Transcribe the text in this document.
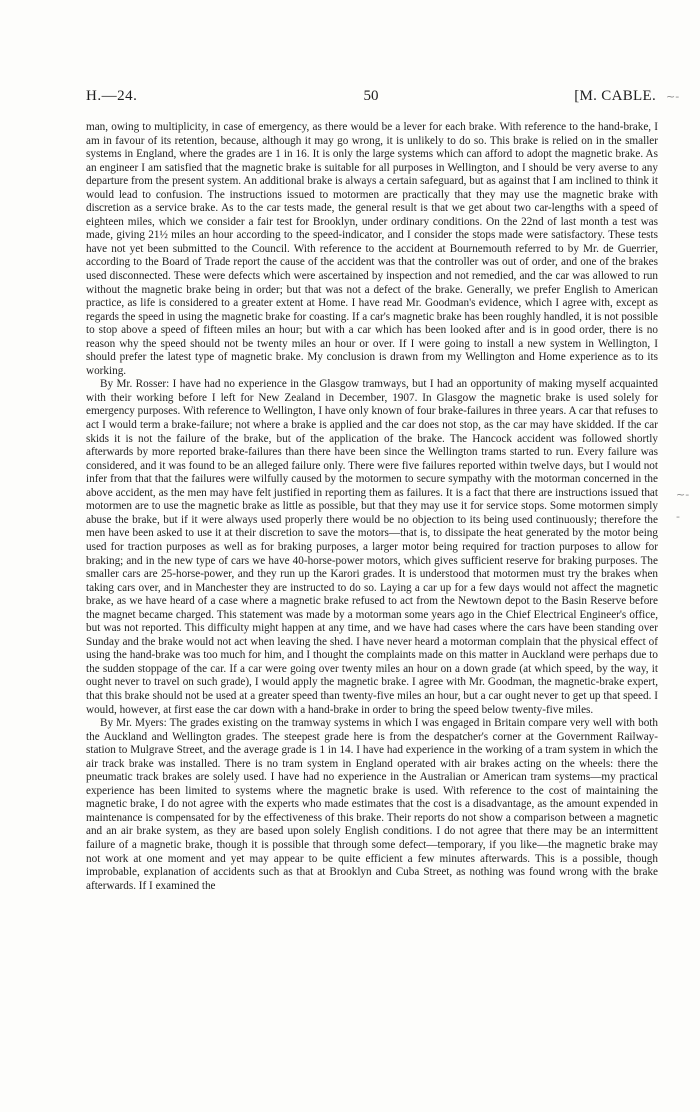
H.—24.	50	[M. CABLE.

man, owing to multiplicity, in case of emergency, as there would be a lever for each brake. With reference to the hand-brake, I am in favour of its retention, because, although it may go wrong, it is unlikely to do so. This brake is relied on in the smaller systems in England, where the grades are 1 in 16. It is only the large systems which can afford to adopt the magnetic brake. As an engineer I am satisfied that the magnetic brake is suitable for all purposes in Wellington, and I should be very averse to any departure from the present system. An additional brake is always a certain safeguard, but as against that I am inclined to think it would lead to confusion. The instructions issued to motormen are practically that they may use the magnetic brake with discretion as a service brake. As to the car tests made, the general result is that we get about two car-lengths with a speed of eighteen miles, which we consider a fair test for Brooklyn, under ordinary conditions. On the 22nd of last month a test was made, giving 21½ miles an hour according to the speed-indicator, and I consider the stops made were satisfactory. These tests have not yet been submitted to the Council. With reference to the accident at Bournemouth referred to by Mr. de Guerrier, according to the Board of Trade report the cause of the accident was that the controller was out of order, and one of the brakes used disconnected. These were defects which were ascertained by inspection and not remedied, and the car was allowed to run without the magnetic brake being in order; but that was not a defect of the brake. Generally, we prefer English to American practice, as life is considered to a greater extent at Home. I have read Mr. Goodman's evidence, which I agree with, except as regards the speed in using the magnetic brake for coasting. If a car's magnetic brake has been roughly handled, it is not possible to stop above a speed of fifteen miles an hour; but with a car which has been looked after and is in good order, there is no reason why the speed should not be twenty miles an hour or over. If I were going to install a new system in Wellington, I should prefer the latest type of magnetic brake. My conclusion is drawn from my Wellington and Home experience as to its working.

By Mr. Rosser: I have had no experience in the Glasgow tramways, but I had an opportunity of making myself acquainted with their working before I left for New Zealand in December, 1907. In Glasgow the magnetic brake is used solely for emergency purposes. With reference to Wellington, I have only known of four brake-failures in three years. A car that refuses to act I would term a brake-failure; not where a brake is applied and the car does not stop, as the car may have skidded. If the car skids it is not the failure of the brake, but of the application of the brake. The Hancock accident was followed shortly afterwards by more reported brake-failures than there have been since the Wellington trams started to run. Every failure was considered, and it was found to be an alleged failure only. There were five failures reported within twelve days, but I would not infer from that that the failures were wilfully caused by the motormen to secure sympathy with the motorman concerned in the above accident, as the men may have felt justified in reporting them as failures. It is a fact that there are instructions issued that motormen are to use the magnetic brake as little as possible, but that they may use it for service stops. Some motormen simply abuse the brake, but if it were always used properly there would be no objection to its being used continuously; therefore the men have been asked to use it at their discretion to save the motors—that is, to dissipate the heat generated by the motor being used for traction purposes as well as for braking purposes, a larger motor being required for traction purposes to allow for braking; and in the new type of cars we have 40-horse-power motors, which gives sufficient reserve for braking purposes. The smaller cars are 25-horse-power, and they run up the Karori grades. It is understood that motormen must try the brakes when taking cars over, and in Manchester they are instructed to do so. Laying a car up for a few days would not affect the magnetic brake, as we have heard of a case where a magnetic brake refused to act from the Newtown depot to the Basin Reserve before the magnet became charged. This statement was made by a motorman some years ago in the Chief Electrical Engineer's office, but was not reported. This difficulty might happen at any time, and we have had cases where the cars have been standing over Sunday and the brake would not act when leaving the shed. I have never heard a motorman complain that the physical effect of using the hand-brake was too much for him, and I thought the complaints made on this matter in Auckland were perhaps due to the sudden stoppage of the car. If a car were going over twenty miles an hour on a down grade (at which speed, by the way, it ought never to travel on such grade), I would apply the magnetic brake. I agree with Mr. Goodman, the magnetic-brake expert, that this brake should not be used at a greater speed than twenty-five miles an hour, but a car ought never to get up that speed. I would, however, at first ease the car down with a hand-brake in order to bring the speed below twenty-five miles.

By Mr. Myers: The grades existing on the tramway systems in which I was engaged in Britain compare very well with both the Auckland and Wellington grades. The steepest grade here is from the despatcher's corner at the Government Railway-station to Mulgrave Street, and the average grade is 1 in 14. I have had experience in the working of a tram system in which the air track brake was installed. There is no tram system in England operated with air brakes acting on the wheels: there the pneumatic track brakes are solely used. I have had no experience in the Australian or American tram systems—my practical experience has been limited to systems where the magnetic brake is used. With reference to the cost of maintaining the magnetic brake, I do not agree with the experts who made estimates that the cost is a disadvantage, as the amount expended in maintenance is compensated for by the effectiveness of this brake. Their reports do not show a comparison between a magnetic and an air brake system, as they are based upon solely English conditions. I do not agree that there may be an intermittent failure of a magnetic brake, though it is possible that through some defect—temporary, if you like—the magnetic brake may not work at one moment and yet may appear to be quite efficient a few minutes afterwards. This is a possible, though improbable, explanation of accidents such as that at Brooklyn and Cuba Street, as nothing was found wrong with the brake afterwards. If I examined the

~-
~-
-
